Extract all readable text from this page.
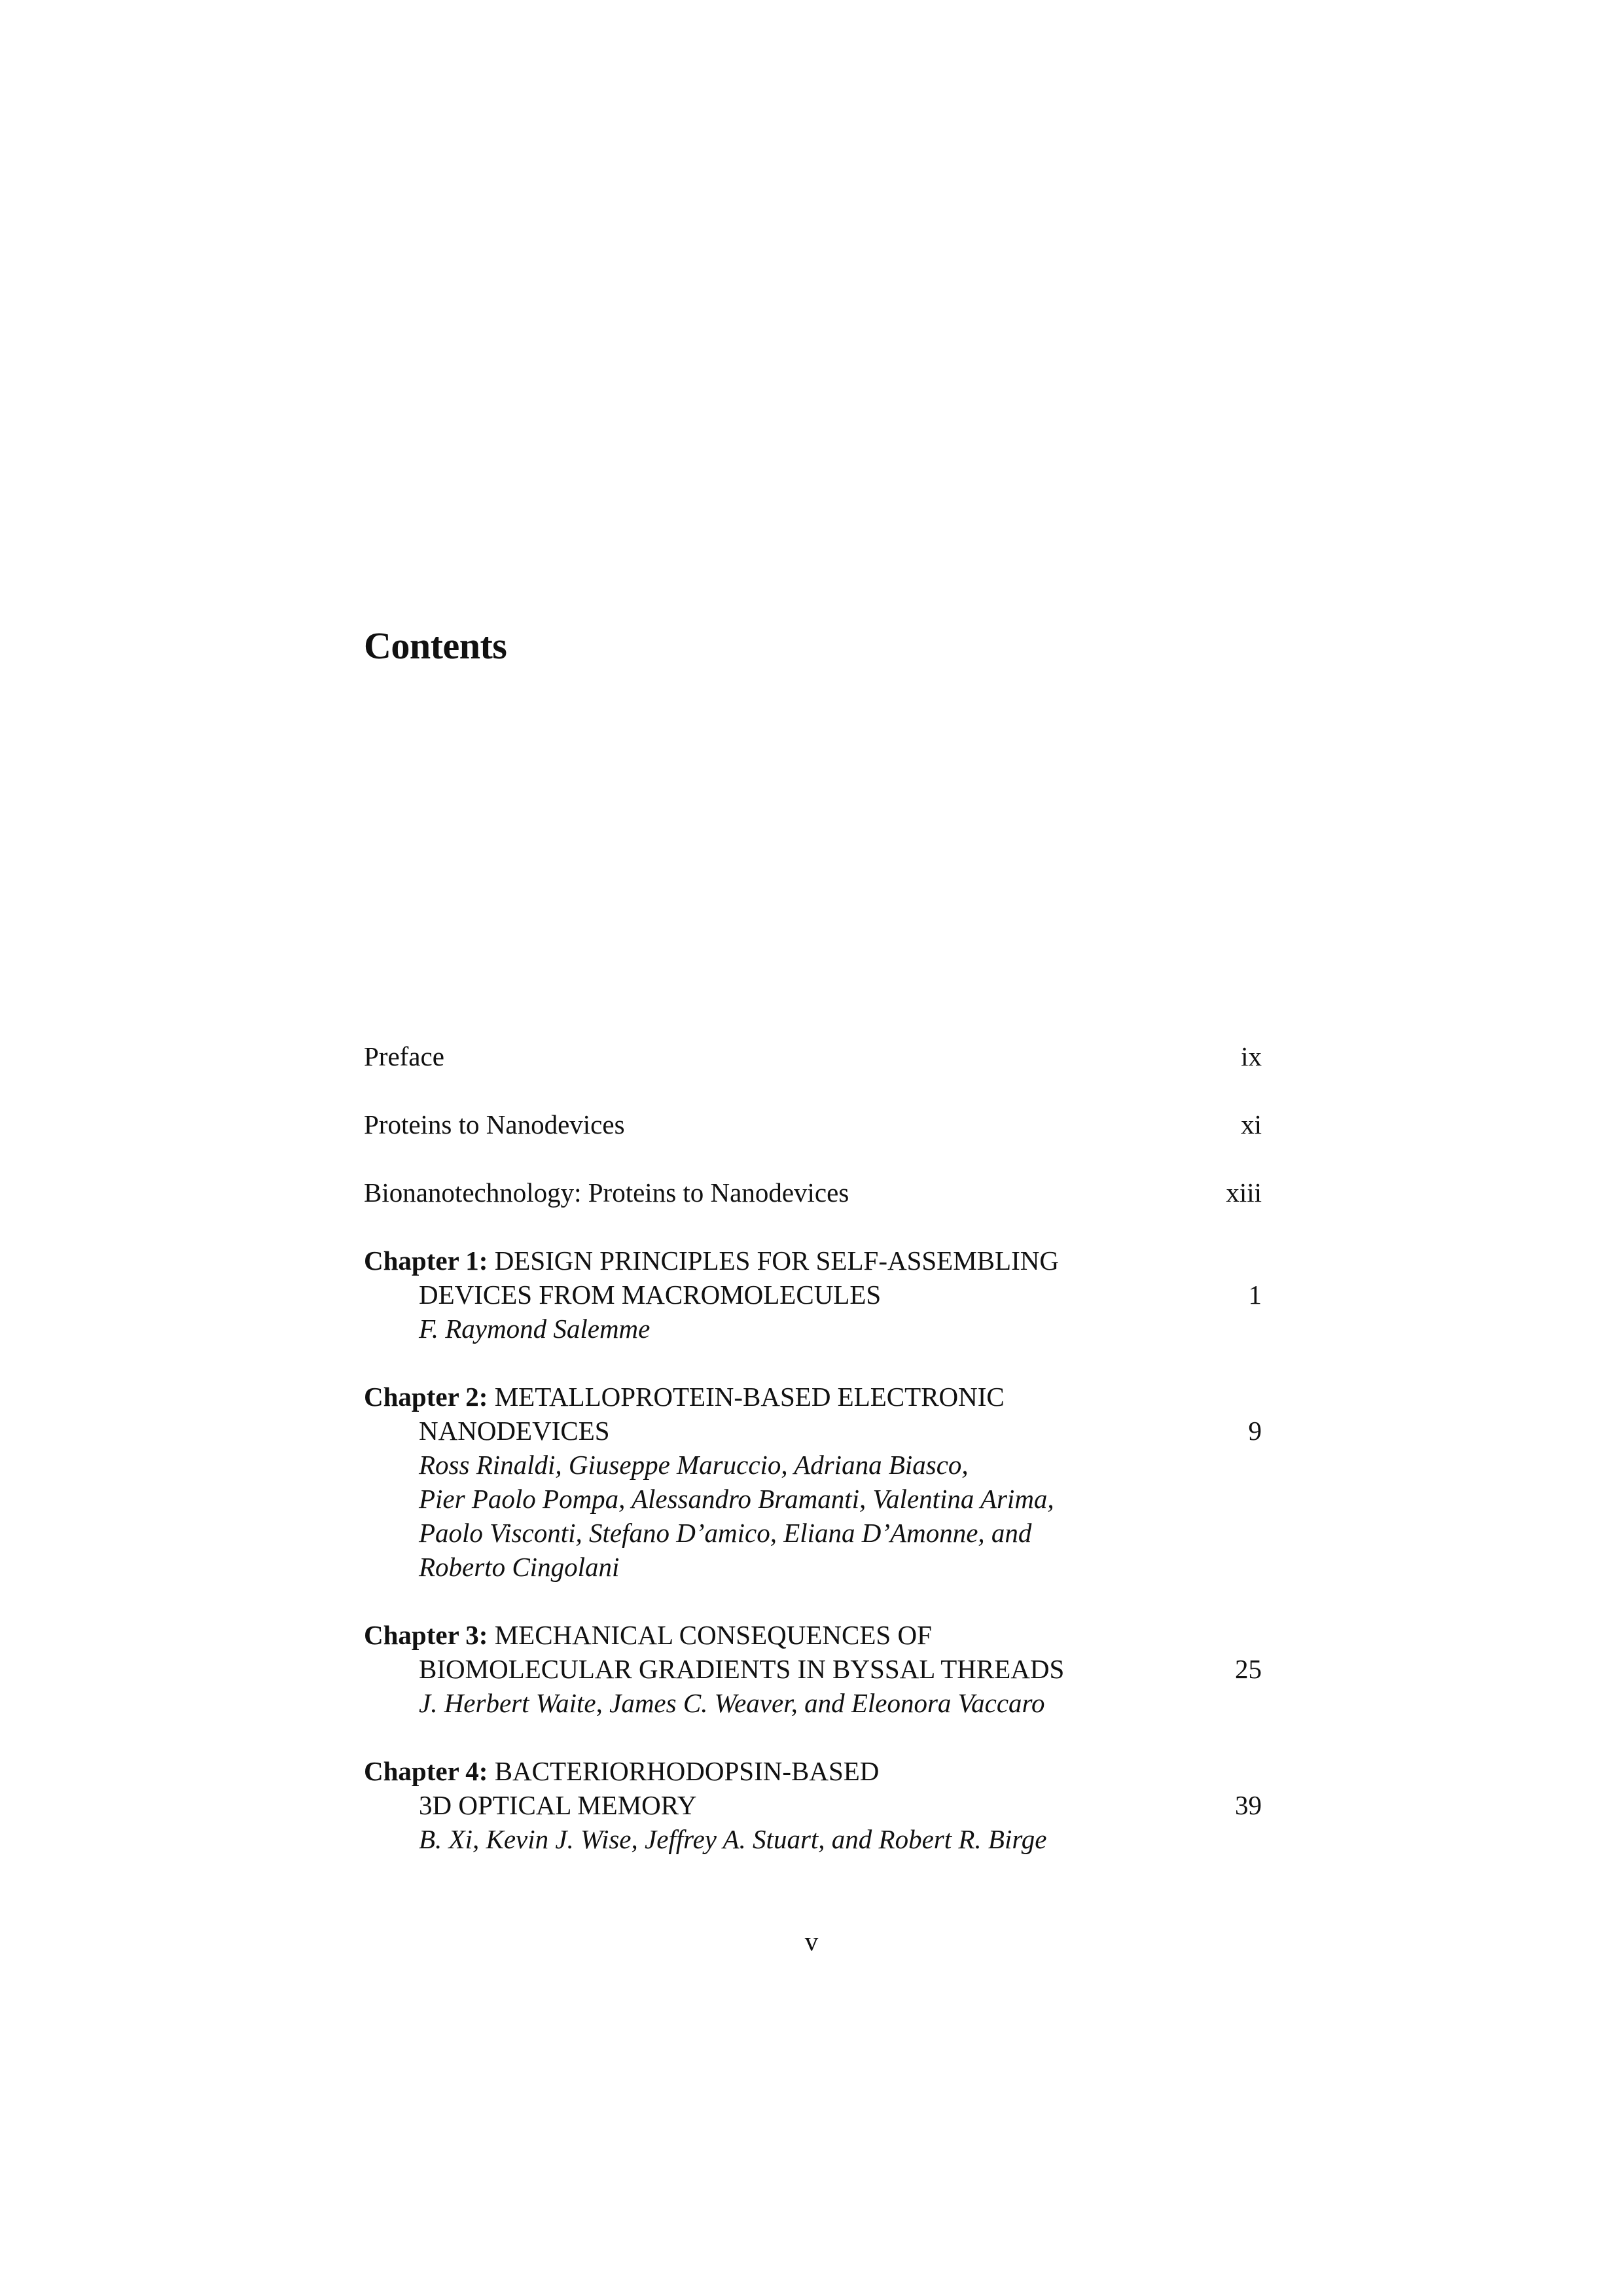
Contents
Preface	ix
Proteins to Nanodevices	xi
Bionanotechnology: Proteins to Nanodevices	xiii
Chapter 1: DESIGN PRINCIPLES FOR SELF-ASSEMBLING
DEVICES FROM MACROMOLECULES	1
F. Raymond Salemme
Chapter 2: METALLOPROTEIN-BASED ELECTRONIC
NANODEVICES	9
Ross Rinaldi, Giuseppe Maruccio, Adriana Biasco,
Pier Paolo Pompa, Alessandro Bramanti, Valentina Arima,
Paolo Visconti, Stefano D’amico, Eliana D’Amonne, and
Roberto Cingolani
Chapter 3: MECHANICAL CONSEQUENCES OF
BIOMOLECULAR GRADIENTS IN BYSSAL THREADS	25
J. Herbert Waite, James C. Weaver, and Eleonora Vaccaro
Chapter 4: BACTERIORHODOPSIN-BASED
3D OPTICAL MEMORY	39
B. Xi, Kevin J. Wise, Jeffrey A. Stuart, and Robert R. Birge
v
